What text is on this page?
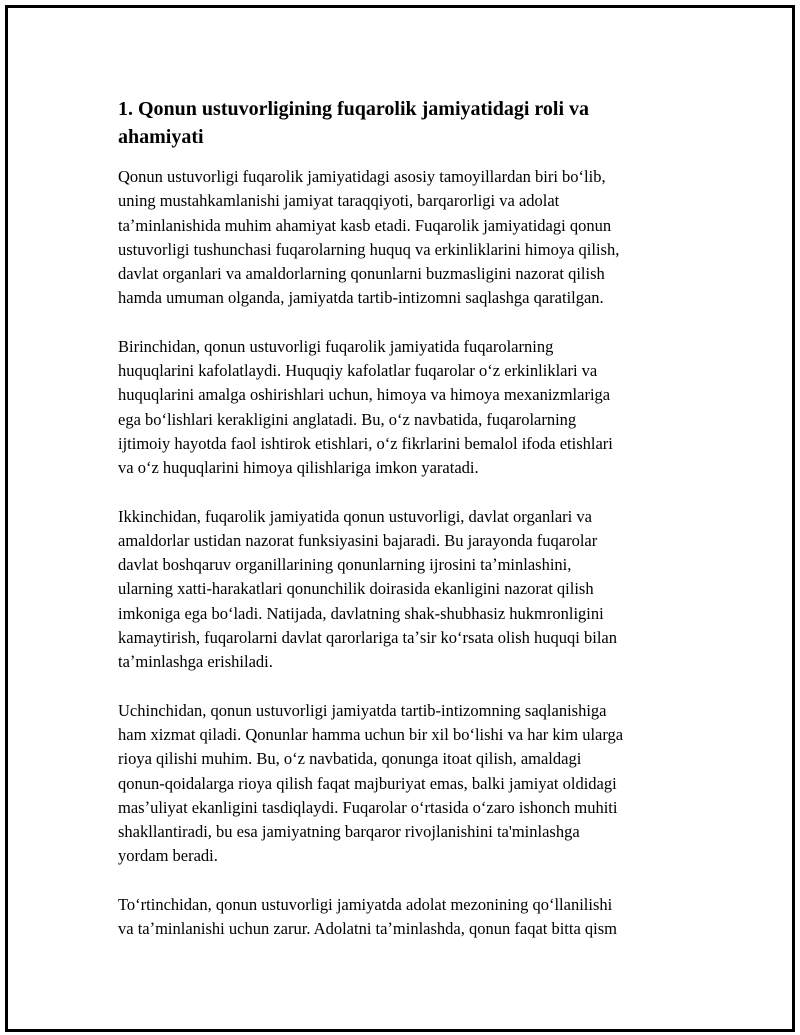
1. Qonun ustuvorligining fuqarolik jamiyatidagi roli va
ahamiyati

Qonun ustuvorligi fuqarolik jamiyatidagi asosiy tamoyillardan biri boʻlib,
uning mustahkamlanishi jamiyat taraqqiyoti, barqarorligi va adolat
taʼminlanishida muhim ahamiyat kasb etadi. Fuqarolik jamiyatidagi qonun
ustuvorligi tushunchasi fuqarolarning huquq va erkinliklarini himoya qilish,
davlat organlari va amaldorlarning qonunlarni buzmasligini nazorat qilish
hamda umuman olganda, jamiyatda tartib-intizomni saqlashga qaratilgan.

Birinchidan, qonun ustuvorligi fuqarolik jamiyatida fuqarolarning
huquqlarini kafolatlaydi. Huquqiy kafolatlar fuqarolar oʻz erkinliklari va
huquqlarini amalga oshirishlari uchun, himoya va himoya mexanizmlariga
ega boʻlishlari kerakligini anglatadi. Bu, oʻz navbatida, fuqarolarning
ijtimoiy hayotda faol ishtirok etishlari, oʻz fikrlarini bemalol ifoda etishlari
va oʻz huquqlarini himoya qilishlariga imkon yaratadi.

Ikkinchidan, fuqarolik jamiyatida qonun ustuvorligi, davlat organlari va
amaldorlar ustidan nazorat funksiyasini bajaradi. Bu jarayonda fuqarolar
davlat boshqaruv organillarining qonunlarning ijrosini taʼminlashini,
ularning xatti-harakatlari qonunchilik doirasida ekanligini nazorat qilish
imkoniga ega boʻladi. Natijada, davlatning shak-shubhasiz hukmronligini
kamaytirish, fuqarolarni davlat qarorlariga taʼsir koʻrsata olish huquqi bilan
taʼminlashga erishiladi.

Uchinchidan, qonun ustuvorligi jamiyatda tartib-intizomning saqlanishiga
ham xizmat qiladi. Qonunlar hamma uchun bir xil boʻlishi va har kim ularga
rioya qilishi muhim. Bu, oʻz navbatida, qonunga itoat qilish, amaldagi
qonun-qoidalarga rioya qilish faqat majburiyat emas, balki jamiyat oldidagi
masʼuliyat ekanligini tasdiqlaydi. Fuqarolar oʻrtasida oʻzaro ishonch muhiti
shakllantiradi, bu esa jamiyatning barqaror rivojlanishini ta'minlashga
yordam beradi.

Toʻrtinchidan, qonun ustuvorligi jamiyatda adolat mezonining qoʻllanilishi
va taʼminlanishi uchun zarur. Adolatni taʼminlashda, qonun faqat bitta qism
